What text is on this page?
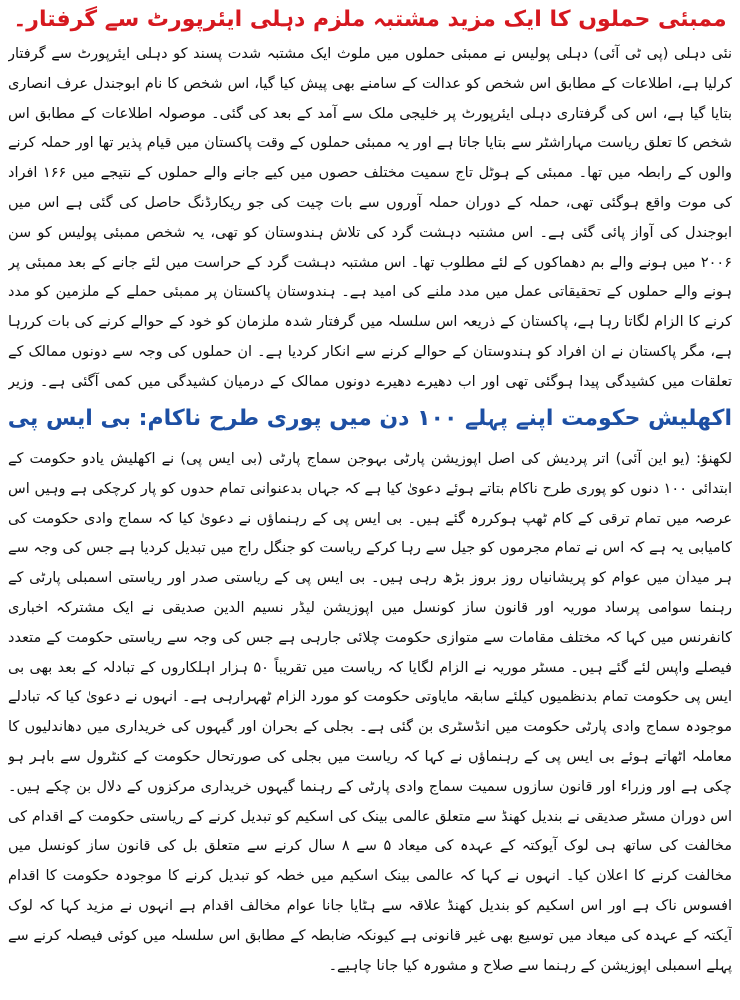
ممبئی حملوں کا ایک مزید مشتبہ ملزم دہلی ایئرپورٹ سے گرفتار۔

نئی دہلی (پی ٹی آئی) دہلی پولیس نے ممبئی حملوں میں ملوث ایک مشتبہ شدت پسند کو دہلی ایئرپورٹ سے گرفتار کرلیا ہے، اطلاعات کے مطابق اس شخص کو عدالت کے سامنے بھی پیش کیا گیا، اس شخص کا نام ابوجندل عرف انصاری بتایا گیا ہے، اس کی گرفتاری دہلی ایئرپورٹ پر خلیجی ملک سے آمد کے بعد کی گئی۔ موصولہ اطلاعات کے مطابق اس شخص کا تعلق ریاست مہاراشٹر سے بتایا جاتا ہے اور یہ ممبئی حملوں کے وقت پاکستان میں قیام پذیر تھا اور حملہ کرنے والوں کے رابطہ میں تھا۔ ممبئی کے ہوٹل تاج سمیت مختلف حصوں میں کیے جانے والے حملوں کے نتیجے میں ۱۶۶ افراد کی موت واقع ہوگئی تھی، حملہ کے دوران حملہ آوروں سے بات چیت کی جو ریکارڈنگ حاصل کی گئی ہے اس میں ابوجندل کی آواز پائی گئی ہے۔ اس مشتبہ دہشت گرد کی تلاش ہندوستان کو تھی، یہ شخص ممبئی پولیس کو سن ۲۰۰۶ میں ہونے والے بم دھماکوں کے لئے مطلوب تھا۔ اس مشتبہ دہشت گرد کے حراست میں لئے جانے کے بعد ممبئی پر ہونے والے حملوں کے تحقیقاتی عمل میں مدد ملنے کی امید ہے۔ ہندوستان پاکستان پر ممبئی حملے کے ملزمین کو مدد کرنے کا الزام لگاتا رہا ہے، پاکستان کے ذریعہ اس سلسلہ میں گرفتار شدہ ملزمان کو خود کے حوالے کرنے کی بات کررہا ہے، مگر پاکستان نے ان افراد کو ہندوستان کے حوالے کرنے سے انکار کردیا ہے۔ ان حملوں کی وجہ سے دونوں ممالک کے تعلقات میں کشیدگی پیدا ہوگئی تھی اور اب دھیرے دھیرے دونوں ممالک کے درمیان کشیدگی میں کمی آگئی ہے۔ وزیر

اکھلیش حکومت اپنے پہلے ۱۰۰ دن میں پوری طرح ناکام: بی ایس پی

لکھنؤ: (یو این آئی) اتر پردیش کی اصل اپوزیشن پارٹی بہوجن سماج پارٹی (بی ایس پی) نے اکھلیش یادو حکومت کے ابتدائی ۱۰۰ دنوں کو پوری طرح ناکام بتاتے ہوئے دعویٰ کیا ہے کہ جہاں بدعنوانی تمام حدوں کو پار کرچکی ہے وہیں اس عرصہ میں تمام ترقی کے کام ٹھپ ہوکررہ گئے ہیں۔ بی ایس پی کے رہنماؤں نے دعویٰ کیا کہ سماج وادی حکومت کی کامیابی یہ ہے کہ اس نے تمام مجرموں کو جیل سے رہا کرکے ریاست کو جنگل راج میں تبدیل کردیا ہے جس کی وجہ سے ہر میدان میں عوام کو پریشانیاں روز بروز بڑھ رہی ہیں۔ بی ایس پی کے ریاستی صدر اور ریاستی اسمبلی پارٹی کے رہنما سوامی پرساد موریہ اور قانون ساز کونسل میں اپوزیشن لیڈر نسیم الدین صدیقی نے ایک مشترکہ اخباری کانفرنس میں کہا کہ مختلف مقامات سے متوازی حکومت چلائی جارہی ہے جس کی وجہ سے ریاستی حکومت کے متعدد فیصلے واپس لئے گئے ہیں۔ مسٹر موریہ نے الزام لگایا کہ ریاست میں تقریباً ۵۰ ہزار اہلکاروں کے تبادلہ کے بعد بھی بی ایس پی حکومت تمام بدنظمیوں کیلئے سابقہ مایاوتی حکومت کو مورد الزام ٹھہرارہی ہے۔ انہوں نے دعویٰ کیا کہ تبادلے موجودہ سماج وادی پارٹی حکومت میں انڈسٹری بن گئی ہے۔ بجلی کے بحران اور گیہوں کی خریداری میں دھاندلیوں کا معاملہ اٹھاتے ہوئے بی ایس پی کے رہنماؤں نے کہا کہ ریاست میں بجلی کی صورتحال حکومت کے کنٹرول سے باہر ہو چکی ہے اور وزراء اور قانون سازوں سمیت سماج وادی پارٹی کے رہنما گیہوں خریداری مرکزوں کے دلال بن چکے ہیں۔ اس دوران مسٹر صدیقی نے بندیل کھنڈ سے متعلق عالمی بینک کی اسکیم کو تبدیل کرنے کے ریاستی حکومت کے اقدام کی مخالفت کی ساتھ ہی لوک آیوکتہ کے عہدہ کی میعاد ۵ سے ۸ سال کرنے سے متعلق بل کی قانون ساز کونسل میں مخالفت کرنے کا اعلان کیا۔ انہوں نے کہا کہ عالمی بینک اسکیم میں خطہ کو تبدیل کرنے کا موجودہ حکومت کا اقدام افسوس ناک ہے اور اس اسکیم کو بندیل کھنڈ علاقہ سے ہٹایا جانا عوام مخالف اقدام ہے انہوں نے مزید کہا کہ لوک آیکتہ کے عہدہ کی میعاد میں توسیع بھی غیر قانونی ہے کیونکہ ضابطہ کے مطابق اس سلسلہ میں کوئی فیصلہ کرنے سے پہلے اسمبلی اپوزیشن کے رہنما سے صلاح و مشورہ کیا جانا چاہیے۔
